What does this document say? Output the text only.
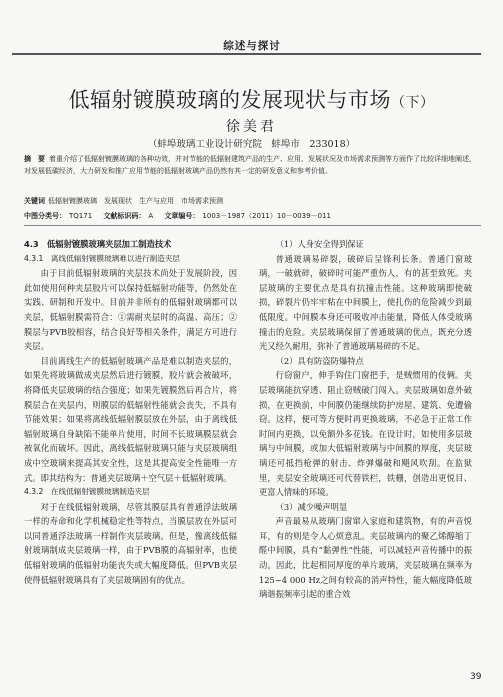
综述与探讨
低辐射镀膜玻璃的发展现状与市场（下）
徐美君
（蚌埠玻璃工业设计研究院　蚌埠市　233018）
摘　要 着重介绍了低辐射镀膜玻璃的各种功效，并对节能的低辐射建筑产品的生产、应用、发展状况及市场需求预测等方面作了比较详细地阐述，对发展低碳经济，大力研发和推广应用节能的低辐射玻璃产品仍然有其一定的研发意义和参考价值。
关键词 低辐射镀膜玻璃　发展现状　生产与应用　市场需求预测
中图分类号： TQ171 文献标识码： A 文章编号： 1003－1987（2011）10－0039－011
4.3　低辐射镀膜玻璃夹层加工制造技术
4.3.1　离线低辐射镀膜玻璃难以进行制造夹层

由于目前低辐射玻璃的夹层技术尚处于发展阶段，因此如使用何种夹层胶片可以保持低辐射功能等，仍然处在实践、研制和开发中。目前并非所有的低辐射玻璃都可以夹层，低辐射膜需符合：①需耐夹层时的高温、高压；②膜层与PVB胶相容，结合良好等相关条件，满足方可进行夹层。

目前离线生产的低辐射玻璃产品是难以制造夹层的，如果先将玻璃做成夹层然后进行镀膜，胶片就会被破坏，将降低夹层玻璃的结合强度；如果先镀膜然后再合片，将膜层合在夹层内，则膜层的低辐射性能就会丧失，不具有节能效果；如果将离线低辐射膜层放在外层，由于离线低辐射玻璃自身缺陷不能单片使用，时间不长玻璃膜层就会被氧化而破坏。因此，离线低辐射玻璃只能与夹层玻璃组成中空玻璃来提高其安全性，这是其提高安全性能唯一方式。即其结构为：普通夹层玻璃＋空气层＋低辐射玻璃。

4.3.2　在线低辐射镀膜玻璃制造夹层

对于在线低辐射玻璃，尽管其膜层具有普通浮法玻璃一样的寿命和化学机械稳定性等特点，当膜层放在外层可以同普通浮法玻璃一样制作夹层玻璃。但是，像离线低辐射玻璃制成夹层玻璃一样，由于PVB膜的高辐射率，也使低辐射玻璃的低辐射功能丧失或大幅度降低。但PVB夹层使得低辐射玻璃具有了夹层玻璃固有的优点。

（1）人身安全得到保证

普通玻璃易碎裂，破碎后呈锋利长条。普通门窗玻璃，一破就碎，破碎时可能严重伤人，有的甚至致死。夹层玻璃的主要优点是具有抗撞击性能。这种玻璃即使破损，碎裂片仍牢牢粘在中间膜上，使扎伤的危险减少到最低限度。中间膜本身还可吸收冲击能量，降低人体受玻璃撞击的危险。夹层玻璃保留了普通玻璃的优点，既充分透光又经久耐用，弥补了普通玻璃易碎的不足。

（2）具有防盗防爆特点

行窃窗户，伸手钩住门窗把手，是贼惯用的伎俩。夹层玻璃能抗穿透、阻止窃贼破门闯入。夹层玻璃如意外破损，在更换前，中间膜仍能继续防护房屋、建筑、免遭偷窃。这样，便可等方便时再更换玻璃，不必急于正常工作时间内更换，以免额外多花钱。在设计时，如使用多层玻璃与中间膜，或加大低辐射玻璃与中间膜的厚度，夹层玻璃还可抵挡枪弹的射击、炸弹爆破和飓风吹刮。在监狱里，夹层安全玻璃还可代替铁栏，铁栅，创造出更悦目、更富人情味的环境。

（3）减少噪声明显

声音最易从玻璃门窗窜入家庭和建筑物，有的声音悦耳，有的则是令人心烦意乱。夹层玻璃内的聚乙烯醇缩丁醛中间膜，具有“黏弹性”性能，可以减轻声音传播中的振动。因此，比起相同厚度的单片玻璃，夹层玻璃在频率为125~4 000 Hz之间有较高的消声特性，能大幅度降低玻璃谐振频率引起的重合效

39
